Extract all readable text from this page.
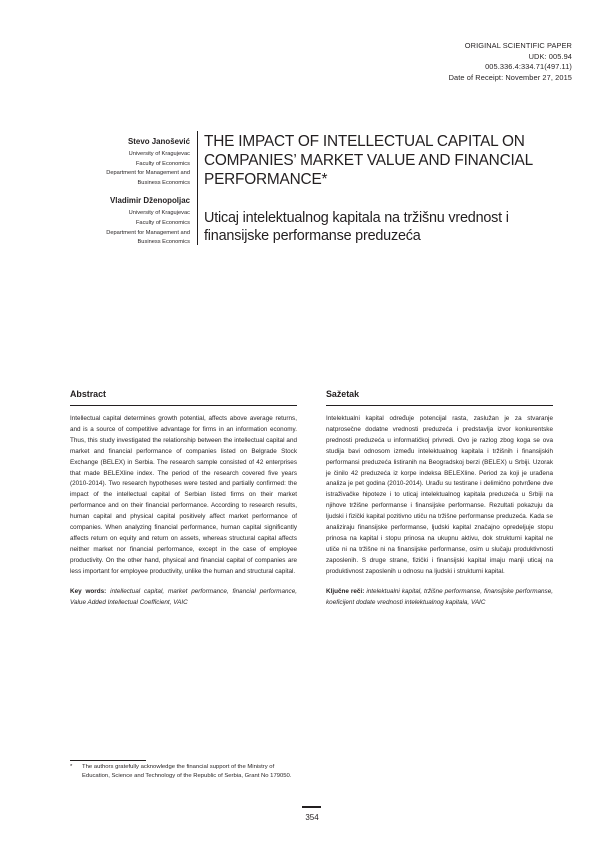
ORIGINAL SCIENTIFIC PAPER
UDK: 005.94
005.336.4:334.71(497.11)
Date of Receipt: November 27, 2015
Stevo Janošević
University of Kragujevac
Faculty of Economics
Department for Management and
Business Economics
Vladimir Dženopoljac
University of Kragujevac
Faculty of Economics
Department for Management and
Business Economics
THE IMPACT OF INTELLECTUAL CAPITAL ON COMPANIES’ MARKET VALUE AND FINANCIAL PERFORMANCE*
Uticaj intelektualnog kapitala na tržišnu vrednost i finansijske performanse preduzeća
Abstract

Intellectual capital determines growth potential, affects above average returns, and is a source of competitive advantage for firms in an information economy. Thus, this study investigated the relationship between the intellectual capital and market and financial performance of companies listed on Belgrade Stock Exchange (BELEX) in Serbia. The research sample consisted of 42 enterprises that made BELEXline index. The period of the research covered five years (2010-2014). Two research hypotheses were tested and partially confirmed: the impact of the intellectual capital of Serbian listed firms on their market performance and on their financial performance. According to research results, human capital and physical capital positively affect market performance of companies. When analyzing financial performance, human capital significantly affects return on equity and return on assets, whereas structural capital affects neither market nor financial performance, except in the case of employee productivity. On the other hand, physical and financial capital of companies are less important for employee productivity, unlike the human and structural capital.

Key words: intellectual capital, market performance, financial performance, Value Added Intellectual Coefficient, VAIC

Sažetak

Intelektualni kapital određuje potencijal rasta, zaslužan je za stvaranje natprosečne dodatne vrednosti preduzeća i predstavlja izvor konkurentske prednosti preduzeća u informatičkoj privredi. Ovo je razlog zbog koga se ova studija bavi odnosom između intelektualnog kapitala i tržišnih i finansijskih performansi preduzeća listiranih na Beogradskoj berzi (BELEX) u Srbiji. Uzorak je činilo 42 preduzeća iz korpe indeksa BELEXline. Period za koji je urađena analiza je pet godina (2010-2014). Urađu su testirane i delimično potvrđene dve istraživačke hipoteze i to uticaj intelektualnog kapitala preduzeća u Srbiji na njihove tržišne performanse i finansijske performanse. Rezultati pokazuju da ljudski i fizički kapital pozitivno utiču na tržišne performanse preduzeća. Kada se analiziraju finansijske performanse, ljudski kapital značajno opredeljuje stopu prinosa na kapital i stopu prinosa na ukupnu aktivu, dok strukturni kapital ne utiče ni na tržišne ni na finansijske performanse, osim u slučaju produktivnosti zaposlenih. S druge strane, fizički i finansijski kapital imaju manji uticaj na produktivnost zaposlenih u odnosu na ljudski i strukturni kapital.

Ključne reči: intelektualni kapital, tržišne performanse, finansijske performanse, koeficijent dodate vrednosti intelektualnog kapitala, VAIC

*	The authors gratefully acknowledge the financial support of the Ministry of Education, Science and Technology of the Republic of Serbia, Grant No 179050.
354
